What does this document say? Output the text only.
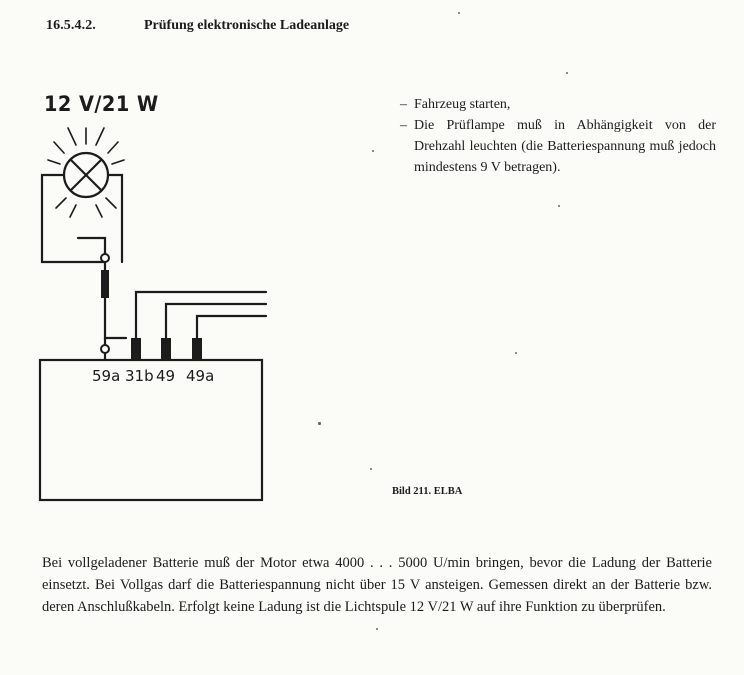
16.5.4.2.	Prüfung elektronische Ladeanlage
12 V/21 W
59a 31b 49 49a
– Fahrzeug starten,
– Die Prüflampe muß in Abhängigkeit von der Drehzahl leuchten (die Batteriespannung muß jedoch mindestens 9 V betragen).
Bild 211. ELBA

Bei vollgeladener Batterie muß der Motor etwa 4000 . . . 5000 U/min bringen, bevor die Ladung der Batterie einsetzt. Bei Vollgas darf die Batteriespannung nicht über 15 V ansteigen. Gemessen direkt an der Batterie bzw. deren Anschlußkabeln. Erfolgt keine Ladung ist die Lichtspule 12 V/21 W auf ihre Funktion zu überprüfen.
